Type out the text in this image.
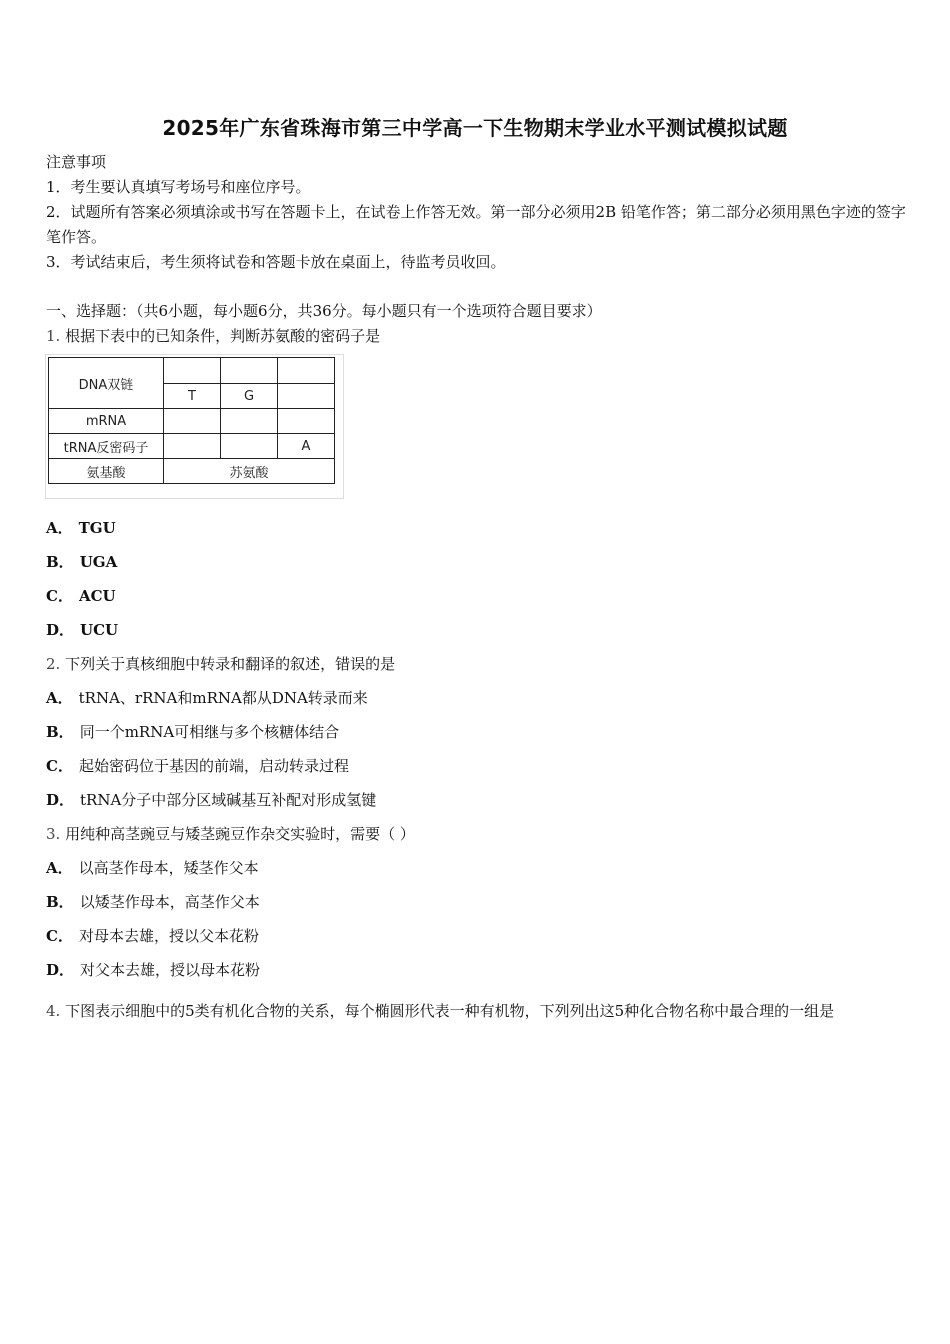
2025年广东省珠海市第三中学高一下生物期末学业水平测试模拟试题

注意事项

1．考生要认真填写考场号和座位序号。

2．试题所有答案必须填涂或书写在答题卡上，在试卷上作答无效。第一部分必须用2B 铅笔作答；第二部分必须用黑色字迹的签字笔作答。

3．考试结束后，考生须将试卷和答题卡放在桌面上，待监考员收回。

一、选择题：（共6小题，每小题6分，共36分。每小题只有一个选项符合题目要求）
1. 根据下表中的已知条件，判断苏氨酸的密码子是
DNA双链			
	T	G	
mRNA			
tRNA反密码子			A
氨基酸	苏氨酸		
A． TGU
B． UGA
C． ACU
D． UCU
2. 下列关于真核细胞中转录和翻译的叙述，错误的是
A． tRNA、rRNA和mRNA都从DNA转录而来
B． 同一个mRNA可相继与多个核糖体结合
C． 起始密码位于基因的前端，启动转录过程
D． tRNA分子中部分区域碱基互补配对形成氢键
3. 用纯种高茎豌豆与矮茎豌豆作杂交实验时，需要（ ）
A． 以高茎作母本，矮茎作父本
B． 以矮茎作母本，高茎作父本
C． 对母本去雄，授以父本花粉
D． 对父本去雄，授以母本花粉
4. 下图表示细胞中的5类有机化合物的关系，每个椭圆形代表一种有机物，下列列出这5种化合物名称中最合理的一组是
